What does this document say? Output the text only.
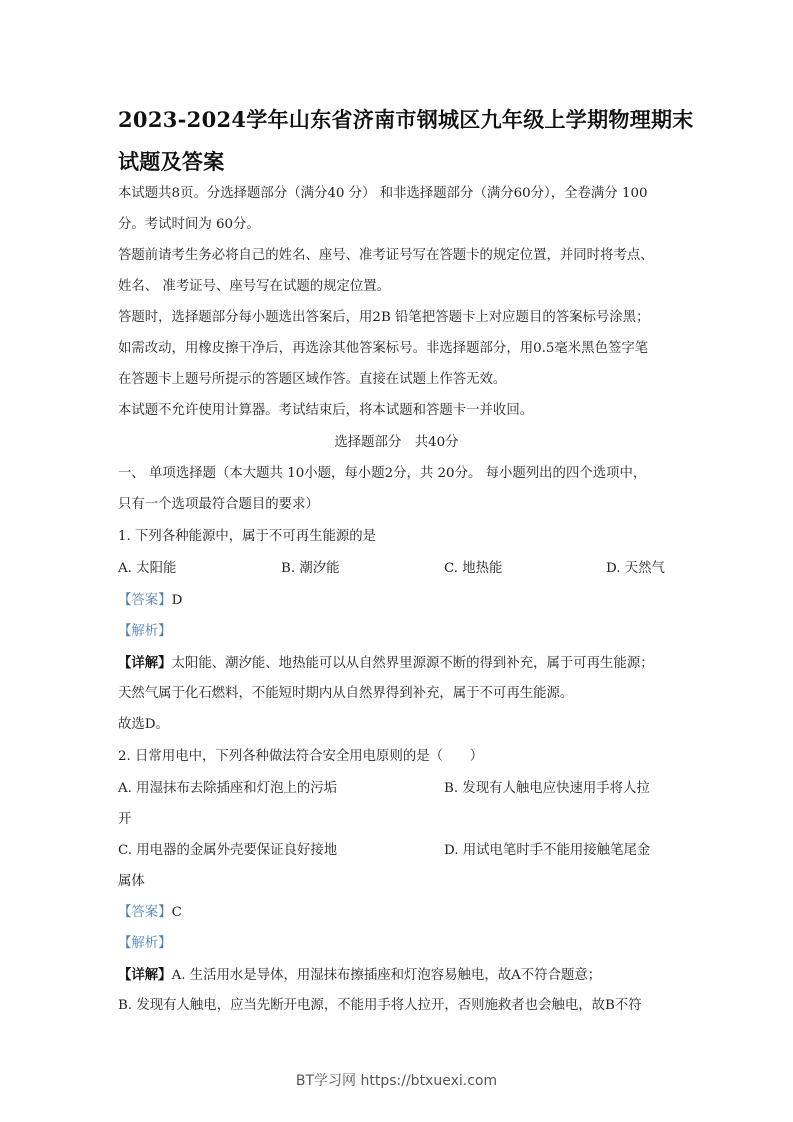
2023-2024学年山东省济南市钢城区九年级上学期物理期末
试题及答案
本试题共8页。分选择题部分（满分40 分） 和非选择题部分（满分60分），全卷满分 100
分。考试时间为 60分。
答题前请考生务必将自己的姓名、座号、准考证号写在答题卡的规定位置，并同时将考点、
姓名、 准考证号、座号写在试题的规定位置。
答题时，选择题部分每小题选出答案后，用2B 铅笔把答题卡上对应题目的答案标号涂黑；
如需改动，用橡皮擦干净后，再选涂其他答案标号。非选择题部分，用0.5毫米黑色签字笔
在答题卡上题号所提示的答题区域作答。直接在试题上作答无效。
本试题不允许使用计算器。考试结束后，将本试题和答题卡一并收回。
选择题部分　共40分
一、 单项选择题（本大题共 10小题，每小题2分，共 20分。 每小题列出的四个选项中，
只有一个选项最符合题目的要求）
1. 下列各种能源中，属于不可再生能源的是
A. 太阳能	B. 潮汐能	C. 地热能	D. 天然气
【答案】D
【解析】
【详解】太阳能、潮汐能、地热能可以从自然界里源源不断的得到补充，属于可再生能源；
天然气属于化石燃料，不能短时期内从自然界得到补充，属于不可再生能源。
故选D。
2. 日常用电中，下列各种做法符合安全用电原则的是（　　）
A. 用湿抹布去除插座和灯泡上的污垢	B. 发现有人触电应快速用手将人拉
开
C. 用电器的金属外壳要保证良好接地	D. 用试电笔时手不能用接触笔尾金
属体
【答案】C
【解析】
【详解】A. 生活用水是导体，用湿抹布擦插座和灯泡容易触电，故A不符合题意；
B. 发现有人触电，应当先断开电源，不能用手将人拉开，否则施救者也会触电，故B不符
BT学习网 https://btxuexi.com
